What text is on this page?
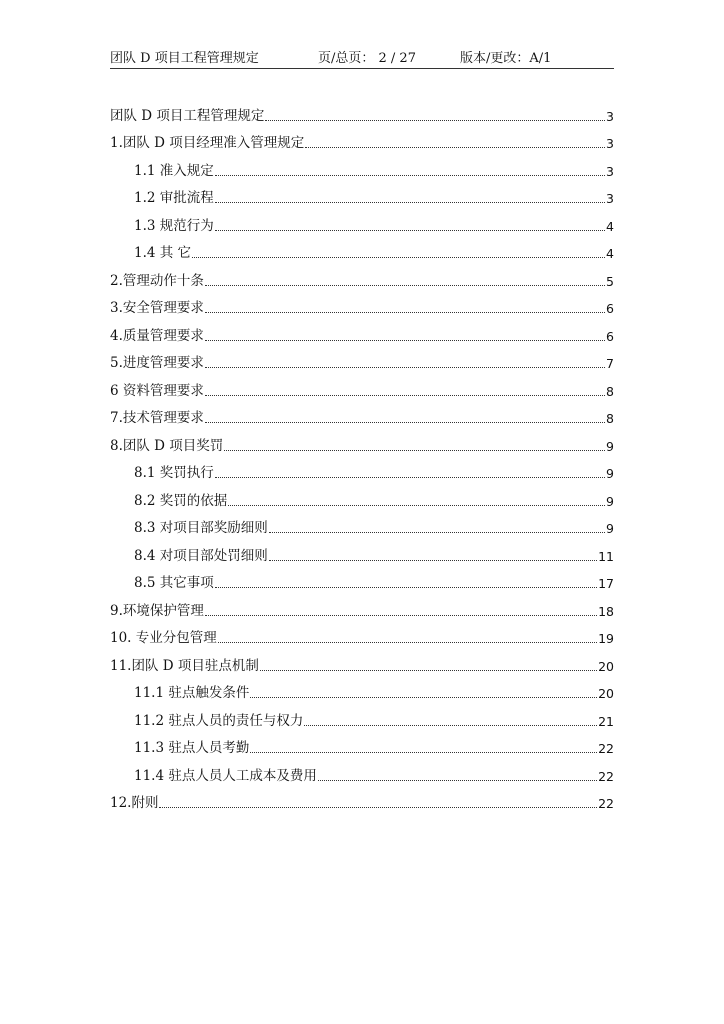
团队 D 项目工程管理规定	页/总页： 2 / 27	版本/更改：A/1
团队 D 项目工程管理规定	3
1.团队 D 项目经理准入管理规定	3
1.1 准入规定	3
1.2 审批流程	3
1.3 规范行为	4
1.4 其 它	4
2.管理动作十条	5
3.安全管理要求	6
4.质量管理要求	6
5.进度管理要求	7
6 资料管理要求	8
7.技术管理要求	8
8.团队 D 项目奖罚	9
8.1 奖罚执行	9
8.2 奖罚的依据	9
8.3 对项目部奖励细则	9
8.4 对项目部处罚细则	11
8.5 其它事项	17
9.环境保护管理	18
10. 专业分包管理	19
11.团队 D 项目驻点机制	20
11.1 驻点触发条件	20
11.2 驻点人员的责任与权力	21
11.3 驻点人员考勤	22
11.4 驻点人员人工成本及费用	22
12.附则	22
